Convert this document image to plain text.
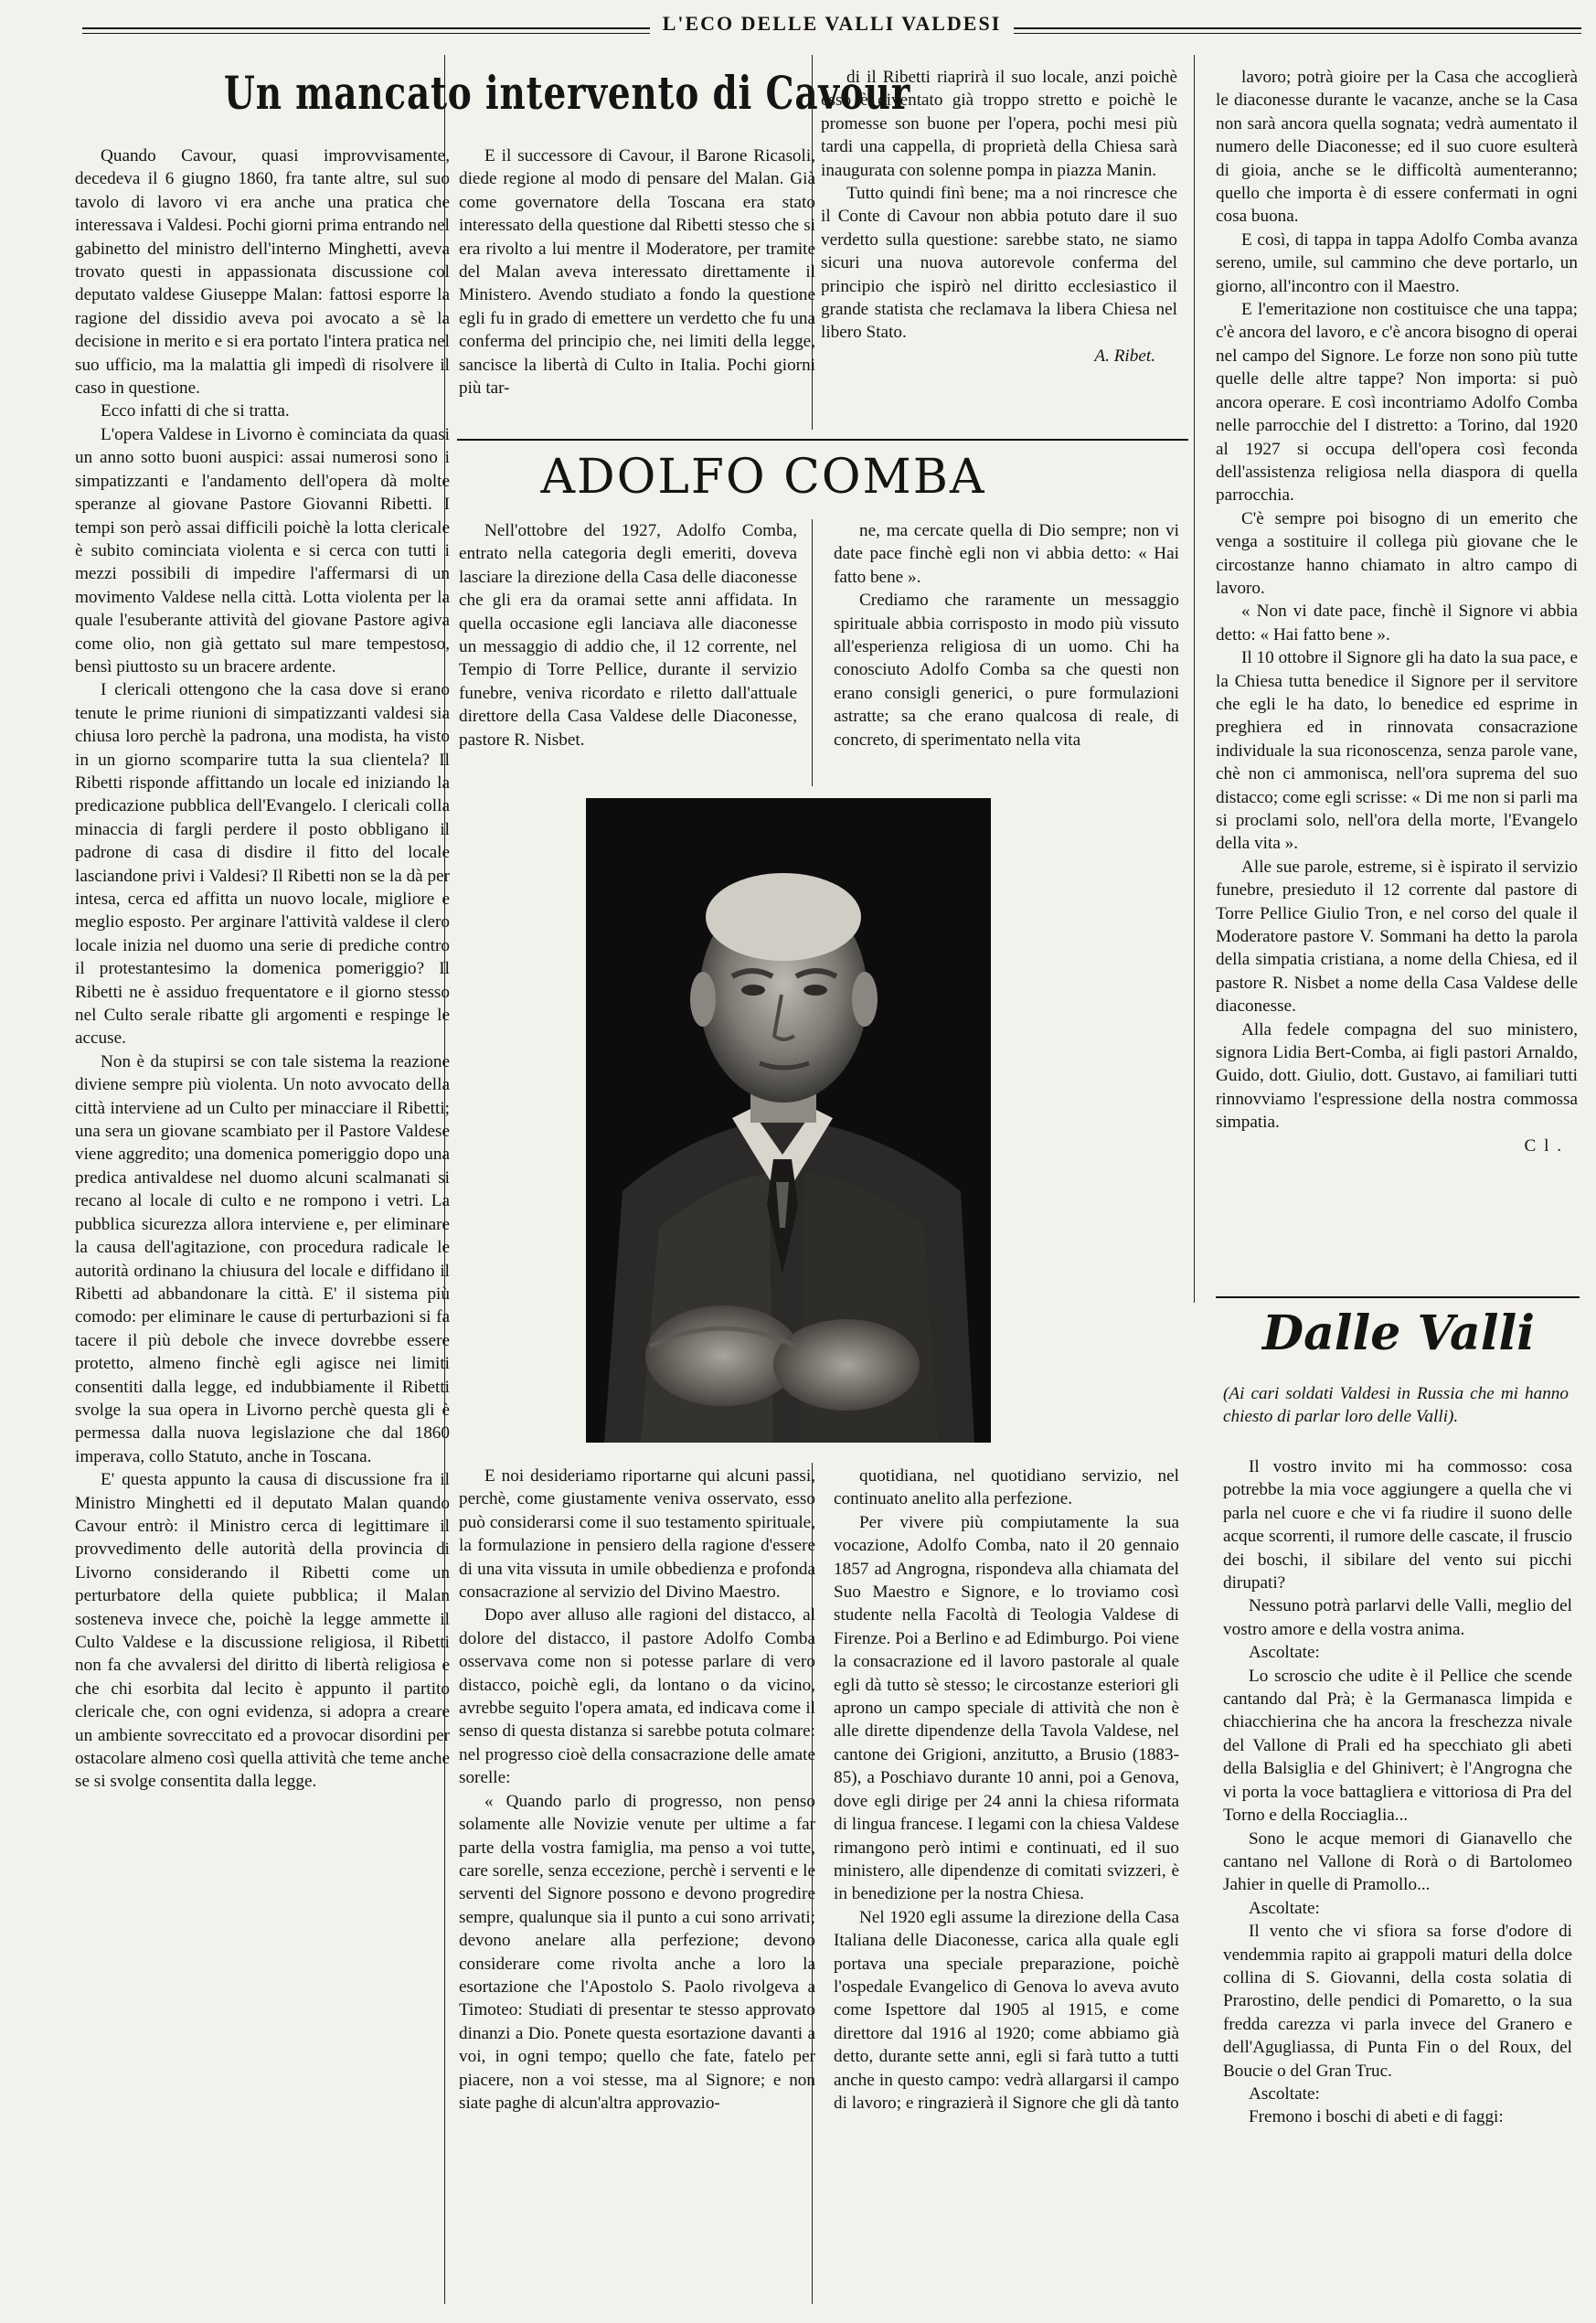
L'ECO DELLE VALLI VALDESI
Un mancato intervento di Cavour

Quando Cavour, quasi improvvisamente, decedeva il 6 giugno 1860, fra tante altre, sul suo tavolo di lavoro vi era anche una pratica che interessava i Valdesi. Pochi giorni prima entrando nel gabinetto del ministro dell'interno Minghetti, aveva trovato questi in appassionata discussione col deputato valdese Giuseppe Malan: fattosi esporre la ragione del dissidio aveva poi avocato a sè la decisione in merito e si era portato l'intera pratica nel suo ufficio, ma la malattia gli impedì di risolvere il caso in questione.

Ecco infatti di che si tratta.

L'opera Valdese in Livorno è cominciata da quasi un anno sotto buoni auspici: assai numerosi sono i simpatizzanti e l'andamento dell'opera dà molte speranze al giovane Pastore Giovanni Ribetti. I tempi son però assai difficili poichè la lotta clericale è subito cominciata violenta e si cerca con tutti i mezzi possibili di impedire l'affermarsi di un movimento Valdese nella città. Lotta violenta per la quale l'esuberante attività del giovane Pastore agiva come olio, non già gettato sul mare tempestoso, bensì piuttosto su un bracere ardente.

I clericali ottengono che la casa dove si erano tenute le prime riunioni di simpatizzanti valdesi sia chiusa loro perchè la padrona, una modista, ha visto in un giorno scomparire tutta la sua clientela? Il Ribetti risponde affittando un locale ed iniziando la predicazione pubblica dell'Evangelo. I clericali colla minaccia di fargli perdere il posto obbligano il padrone di casa di disdire il fitto del locale lasciandone privi i Valdesi? Il Ribetti non se la dà per intesa, cerca ed affitta un nuovo locale, migliore e meglio esposto. Per arginare l'attività valdese il clero locale inizia nel duomo una serie di prediche contro il protestantesimo la domenica pomeriggio? Il Ribetti ne è assiduo frequentatore e il giorno stesso nel Culto serale ribatte gli argomenti e respinge le accuse.

Non è da stupirsi se con tale sistema la reazione diviene sempre più violenta. Un noto avvocato della città interviene ad un Culto per minacciare il Ribetti; una sera un giovane scambiato per il Pastore Valdese viene aggredito; una domenica pomeriggio dopo una predica antivaldese nel duomo alcuni scalmanati si recano al locale di culto e ne rompono i vetri. La pubblica sicurezza allora interviene e, per eliminare la causa dell'agitazione, con procedura radicale le autorità ordinano la chiusura del locale e diffidano il Ribetti ad abbandonare la città. E' il sistema più comodo: per eliminare le cause di perturbazioni si fa tacere il più debole che invece dovrebbe essere protetto, almeno finchè egli agisce nei limiti consentiti dalla legge, ed indubbiamente il Ribetti svolge la sua opera in Livorno perchè questa gli è permessa dalla nuova legislazione che dal 1860 imperava, collo Statuto, anche in Toscana.

E' questa appunto la causa di discussione fra il Ministro Minghetti ed il deputato Malan quando Cavour entrò: il Ministro cerca di legittimare il provvedimento delle autorità della provincia di Livorno considerando il Ribetti come un perturbatore della quiete pubblica; il Malan sosteneva invece che, poichè la legge ammette il Culto Valdese e la discussione religiosa, il Ribetti non fa che avvalersi del diritto di libertà religiosa e che chi esorbita dal lecito è appunto il partito clericale che, con ogni evidenza, si adopra a creare un ambiente sovreccitato ed a provocar disordini per ostacolare almeno così quella attività che teme anche se si svolge consentita dalla legge.

E il successore di Cavour, il Barone Ricasoli, diede regione al modo di pensare del Malan. Già come governatore della Toscana era stato interessato della questione dal Ribetti stesso che si era rivolto a lui mentre il Moderatore, per tramite del Malan aveva interessato direttamente il Ministero. Avendo studiato a fondo la questione egli fu in grado di emettere un verdetto che fu una conferma del principio che, nei limiti della legge, sancisce la libertà di Culto in Italia. Pochi giorni più tar-

di il Ribetti riaprirà il suo locale, anzi poichè esso è diventato già troppo stretto e poichè le promesse son buone per l'opera, pochi mesi più tardi una cappella, di proprietà della Chiesa sarà inaugurata con solenne pompa in piazza Manin.

Tutto quindi finì bene; ma a noi rincresce che il Conte di Cavour non abbia potuto dare il suo verdetto sulla questione: sarebbe stato, ne siamo sicuri una nuova autorevole conferma del principio che ispirò nel diritto ecclesiastico il grande statista che reclamava la libera Chiesa nel libero Stato.

A. Ribet.
ADOLFO COMBA

Nell'ottobre del 1927, Adolfo Comba, entrato nella categoria degli emeriti, doveva lasciare la direzione della Casa delle diaconesse che gli era da oramai sette anni affidata. In quella occasione egli lanciava alle diaconesse un messaggio di addio che, il 12 corrente, nel Tempio di Torre Pellice, durante il servizio funebre, veniva ricordato e riletto dall'attuale direttore della Casa Valdese delle Diaconesse, pastore R. Nisbet.

ne, ma cercate quella di Dio sempre; non vi date pace finchè egli non vi abbia detto: « Hai fatto bene ».

Crediamo che raramente un messaggio spirituale abbia corrisposto in modo più vissuto all'esperienza religiosa di un uomo. Chi ha conosciuto Adolfo Comba sa che questi non erano consigli generici, o pure formulazioni astratte; sa che erano qualcosa di reale, di concreto, di sperimentato nella vita

E noi desideriamo riportarne qui alcuni passi, perchè, come giustamente veniva osservato, esso può considerarsi come il suo testamento spirituale, la formulazione in pensiero della ragione d'essere di una vita vissuta in umile obbedienza e profonda consacrazione al servizio del Divino Maestro.

Dopo aver alluso alle ragioni del distacco, al dolore del distacco, il pastore Adolfo Comba osservava come non si potesse parlare di vero distacco, poichè egli, da lontano o da vicino, avrebbe seguito l'opera amata, ed indicava come il senso di questa distanza si sarebbe potuta colmare: nel progresso cioè della consacrazione delle amate sorelle:

« Quando parlo di progresso, non penso solamente alle Novizie venute per ultime a far parte della vostra famiglia, ma penso a voi tutte, care sorelle, senza eccezione, perchè i serventi e le serventi del Signore possono e devono progredire sempre, qualunque sia il punto a cui sono arrivati; devono anelare alla perfezione; devono considerare come rivolta anche a loro la esortazione che l'Apostolo S. Paolo rivolgeva a Timoteo: Studiati di presentar te stesso approvato dinanzi a Dio. Ponete questa esortazione davanti a voi, in ogni tempo; quello che fate, fatelo per piacere, non a voi stesse, ma al Signore; e non siate paghe di alcun'altra approvazio-

quotidiana, nel quotidiano servizio, nel continuato anelito alla perfezione.

Per vivere più compiutamente la sua vocazione, Adolfo Comba, nato il 20 gennaio 1857 ad Angrogna, rispondeva alla chiamata del Suo Maestro e Signore, e lo troviamo così studente nella Facoltà di Teologia Valdese di Firenze. Poi a Berlino e ad Edimburgo. Poi viene la consacrazione ed il lavoro pastorale al quale egli dà tutto sè stesso; le circostanze esteriori gli aprono un campo speciale di attività che non è alle dirette dipendenze della Tavola Valdese, nel cantone dei Grigioni, anzitutto, a Brusio (1883-85), a Poschiavo durante 10 anni, poi a Genova, dove egli dirige per 24 anni la chiesa riformata di lingua francese. I legami con la chiesa Valdese rimangono però intimi e continuati, ed il suo ministero, alle dipendenze di comitati svizzeri, è in benedizione per la nostra Chiesa.

Nel 1920 egli assume la direzione della Casa Italiana delle Diaconesse, carica alla quale egli portava una speciale preparazione, poichè l'ospedale Evangelico di Genova lo aveva avuto come Ispettore dal 1905 al 1915, e come direttore dal 1916 al 1920; come abbiamo già detto, durante sette anni, egli si farà tutto a tutti anche in questo campo: vedrà allargarsi il campo di lavoro; e ringrazierà il Signore che gli dà tanto

lavoro; potrà gioire per la Casa che accoglierà le diaconesse durante le vacanze, anche se la Casa non sarà ancora quella sognata; vedrà aumentato il numero delle Diaconesse; ed il suo cuore esulterà di gioia, anche se le difficoltà aumenteranno; quello che importa è di essere confermati in ogni cosa buona.

E così, di tappa in tappa Adolfo Comba avanza sereno, umile, sul cammino che deve portarlo, un giorno, all'incontro con il Maestro.

E l'emeritazione non costituisce che una tappa; c'è ancora del lavoro, e c'è ancora bisogno di operai nel campo del Signore. Le forze non sono più tutte quelle delle altre tappe? Non importa: si può ancora operare. E così incontriamo Adolfo Comba nelle parrocchie del I distretto: a Torino, dal 1920 al 1927 si occupa dell'opera così feconda dell'assistenza religiosa nella diaspora di quella parrocchia.

C'è sempre poi bisogno di un emerito che venga a sostituire il collega più giovane che le circostanze hanno chiamato in altro campo di lavoro.

« Non vi date pace, finchè il Signore vi abbia detto: « Hai fatto bene ».

Il 10 ottobre il Signore gli ha dato la sua pace, e la Chiesa tutta benedice il Signore per il servitore che egli le ha dato, lo benedice ed esprime in preghiera ed in rinnovata consacrazione individuale la sua riconoscenza, senza parole vane, chè non ci ammonisca, nell'ora suprema del suo distacco; come egli scrisse: « Di me non si parli ma si proclami solo, nell'ora della morte, l'Evangelo della vita ».

Alle sue parole, estreme, si è ispirato il servizio funebre, presieduto il 12 corrente dal pastore di Torre Pellice Giulio Tron, e nel corso del quale il Moderatore pastore V. Sommani ha detto la parola della simpatia cristiana, a nome della Chiesa, ed il pastore R. Nisbet a nome della Casa Valdese delle diaconesse.

Alla fedele compagna del suo ministero, signora Lidia Bert-Comba, ai figli pastori Arnaldo, Guido, dott. Giulio, dott. Gustavo, ai familiari tutti rinnovviamo l'espressione della nostra commossa simpatia.

C l .
Dalle Valli
(Ai cari soldati Valdesi in Russia che mi hanno chiesto di parlar loro delle Valli).

Il vostro invito mi ha commosso: cosa potrebbe la mia voce aggiungere a quella che vi parla nel cuore e che vi fa riudire il suono delle acque scorrenti, il rumore delle cascate, il fruscio dei boschi, il sibilare del vento sui picchi dirupati?

Nessuno potrà parlarvi delle Valli, meglio del vostro amore e della vostra anima.

Ascoltate:

Lo scroscio che udite è il Pellice che scende cantando dal Prà; è la Germanasca limpida e chiacchierina che ha ancora la freschezza nivale del Vallone di Prali ed ha specchiato gli abeti della Balsiglia e del Ghinivert; è l'Angrogna che vi porta la voce battagliera e vittoriosa di Pra del Torno e della Rocciaglia...

Sono le acque memori di Gianavello che cantano nel Vallone di Rorà o di Bartolomeo Jahier in quelle di Pramollo...

Ascoltate:

Il vento che vi sfiora sa forse d'odore di vendemmia rapito ai grappoli maturi della dolce collina di S. Giovanni, della costa solatia di Prarostino, delle pendici di Pomaretto, o la sua fredda carezza vi parla invece del Granero e dell'Agugliassa, di Punta Fin o del Roux, del Boucie o del Gran Truc.

Ascoltate:

Fremono i boschi di abeti e di faggi:
